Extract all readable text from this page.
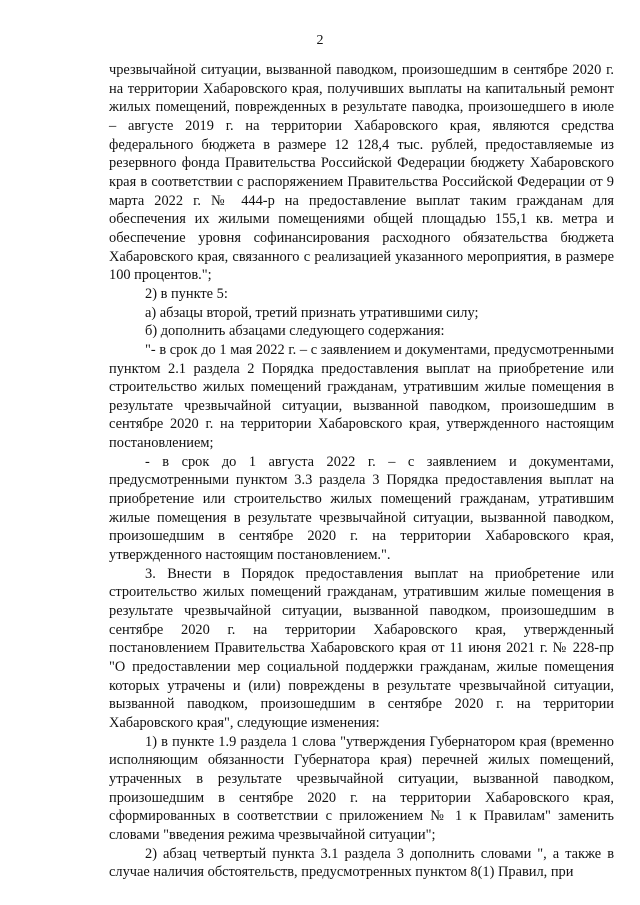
2

чрезвычайной ситуации, вызванной паводком, произошедшим в сентябре 2020 г. на территории Хабаровского края, получивших выплаты на капитальный ремонт жилых помещений, поврежденных в результате паводка, произошедшего в июле – августе 2019 г. на территории Хабаровского края, являются средства федерального бюджета в размере 12 128,4 тыс. рублей, предоставляемые из резервного фонда Правительства Российской Федерации бюджету Хабаровского края в соответствии с распоряжением Правительства Российской Федерации от 9 марта 2022 г. № 444-р на предоставление выплат таким гражданам для обеспечения их жилыми помещениями общей площадью 155,1 кв. метра и обеспечение уровня софинансирования расходного обязательства бюджета Хабаровского края, связанного с реализацией указанного мероприятия, в размере 100 процентов.";

2) в пункте 5:

а) абзацы второй, третий признать утратившими силу;

б) дополнить абзацами следующего содержания:

"- в срок до 1 мая 2022 г. – с заявлением и документами, предусмотренными пунктом 2.1 раздела 2 Порядка предоставления выплат на приобретение или строительство жилых помещений гражданам, утратившим жилые помещения в результате чрезвычайной ситуации, вызванной паводком, произошедшим в сентябре 2020 г. на территории Хабаровского края, утвержденного настоящим постановлением;

- в срок до 1 августа 2022 г. – с заявлением и документами, предусмотренными пунктом 3.3 раздела 3 Порядка предоставления выплат на приобретение или строительство жилых помещений гражданам, утратившим жилые помещения в результате чрезвычайной ситуации, вызванной паводком, произошедшим в сентябре 2020 г. на территории Хабаровского края, утвержденного настоящим постановлением.".

3. Внести в Порядок предоставления выплат на приобретение или строительство жилых помещений гражданам, утратившим жилые помещения в результате чрезвычайной ситуации, вызванной паводком, произошедшим в сентябре 2020 г. на территории Хабаровского края, утвержденный постановлением Правительства Хабаровского края от 11 июня 2021 г. № 228-пр "О предоставлении мер социальной поддержки гражданам, жилые помещения которых утрачены и (или) повреждены в результате чрезвычайной ситуации, вызванной паводком, произошедшим в сентябре 2020 г. на территории Хабаровского края", следующие изменения:

1) в пункте 1.9 раздела 1 слова "утверждения Губернатором края (временно исполняющим обязанности Губернатора края) перечней жилых помещений, утраченных в результате чрезвычайной ситуации, вызванной паводком, произошедшим в сентябре 2020 г. на территории Хабаровского края, сформированных в соответствии с приложением № 1 к Правилам" заменить словами "введения режима чрезвычайной ситуации";

2) абзац четвертый пункта 3.1 раздела 3 дополнить словами ", а также в случае наличия обстоятельств, предусмотренных пунктом 8(1) Правил, при
